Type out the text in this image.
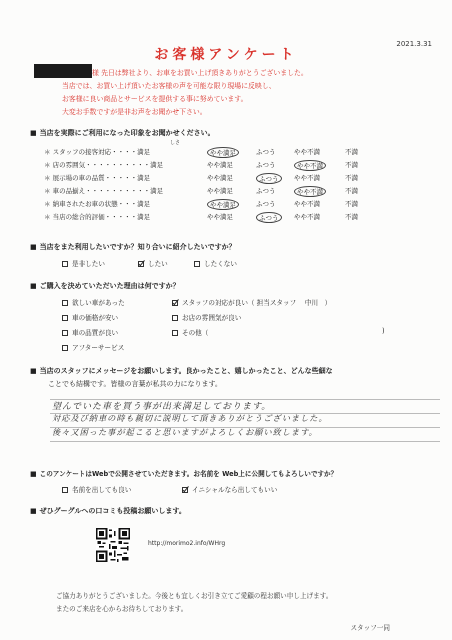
2021.3.31
お客様アンケート
様 先日は弊社より、お車をお買い上げ頂きありがとうございました。
当店では、お買い上げ頂いたお客様の声を可能な限り現場に反映し、
お客様に良い商品とサービスを提供する事に努めています。
大変お手数ですが是非お声をお聞かせ下さい。
■ 当店を実際にご利用になった印象をお聞かせください。
＊ スタッフの接客対応・・・・満足	やや満足	ふつう	やや不満	不満
＊ 店の雰囲気・・・・・・・・・・満足	やや満足	ふつう	やや不満	不満
＊ 展示場の車の品質・・・・・満足	やや満足	ふつう	やや不満	不満
＊ 車の品揃え・・・・・・・・・・満足	やや満足	ふつう	やや不満	不満
＊ 納車されたお車の状態・・・満足	やや満足	ふつう	やや不満	不満
＊ 当店の総合的評価・・・・・満足	やや満足	ふつう	やや不満	不満
しさ
■ 当店をまた利用したいですか？知り合いに紹介したいですか？
是非したい	したい	したくない
■ ご購入を決めていただいた理由は何ですか？
欲しい車があった
車の価格が安い
車の品質が良い
アフターサービス
スタッフの対応が良い（ 担当スタッフ　 中川　）
お店の雰囲気が良い
その他（	)
■ 当店のスタッフにメッセージをお願いします。良かったこと、嬉しかったこと、どんな些細な
ことでも結構です。皆様の言葉が私共の力になります。
望んでいた車を買う事が出来満足しております。
対応及び納車の時も親切に説明して頂きありがとうございました。
後々又困った事が起こると思いますがよろしくお願い致します。
■ このアンケートはWebで公開させていただきます。お名前を Web上に公開してもよろしいですか？
名前を出しても良い	イニシャルなら出してもいい
■ ぜひグーグルへの口コミも投稿お願いします。
http://morimo2.info/WHrg
ご協力ありがとうございました。今後とも宜しくお引き立てご愛顧の程お願い申し上げます。
またのご来店を心からお待ちしております。
スタッフ一同
